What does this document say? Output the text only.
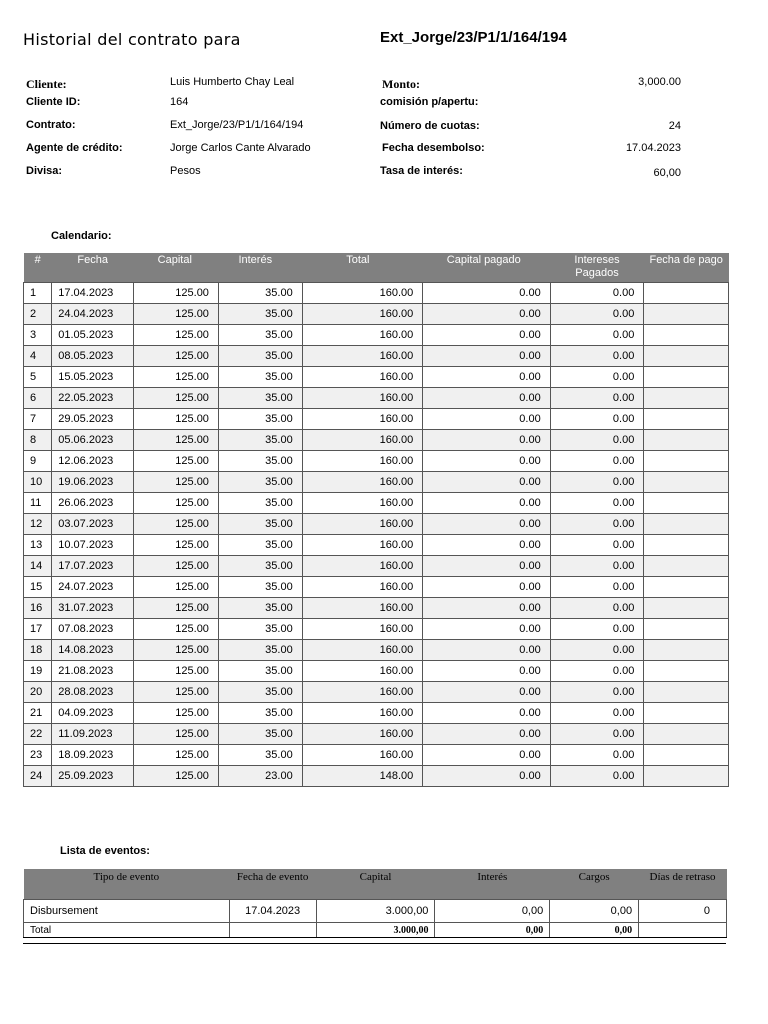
Historial del contrato para	Ext_Jorge/23/P1/1/164/194
Cliente:	Luis Humberto Chay Leal
Cliente ID:	164
Contrato:	Ext_Jorge/23/P1/1/164/194
Agente de crédito:	Jorge Carlos Cante Alvarado
Divisa:	Pesos
Monto:	3,000.00
comisión p/apertu:
Número de cuotas:	24
Fecha desembolso:	17.04.2023
Tasa de interés:	60,00
Calendario:
#	Fecha	Capital	Interés	Total	Capital pagado	Intereses Pagados	Fecha de pago
1	17.04.2023	125.00	35.00	160.00	0.00	0.00	
2	24.04.2023	125.00	35.00	160.00	0.00	0.00	
3	01.05.2023	125.00	35.00	160.00	0.00	0.00	
4	08.05.2023	125.00	35.00	160.00	0.00	0.00	
5	15.05.2023	125.00	35.00	160.00	0.00	0.00	
6	22.05.2023	125.00	35.00	160.00	0.00	0.00	
7	29.05.2023	125.00	35.00	160.00	0.00	0.00	
8	05.06.2023	125.00	35.00	160.00	0.00	0.00	
9	12.06.2023	125.00	35.00	160.00	0.00	0.00	
10	19.06.2023	125.00	35.00	160.00	0.00	0.00	
11	26.06.2023	125.00	35.00	160.00	0.00	0.00	
12	03.07.2023	125.00	35.00	160.00	0.00	0.00	
13	10.07.2023	125.00	35.00	160.00	0.00	0.00	
14	17.07.2023	125.00	35.00	160.00	0.00	0.00	
15	24.07.2023	125.00	35.00	160.00	0.00	0.00	
16	31.07.2023	125.00	35.00	160.00	0.00	0.00	
17	07.08.2023	125.00	35.00	160.00	0.00	0.00	
18	14.08.2023	125.00	35.00	160.00	0.00	0.00	
19	21.08.2023	125.00	35.00	160.00	0.00	0.00	
20	28.08.2023	125.00	35.00	160.00	0.00	0.00	
21	04.09.2023	125.00	35.00	160.00	0.00	0.00	
22	11.09.2023	125.00	35.00	160.00	0.00	0.00	
23	18.09.2023	125.00	35.00	160.00	0.00	0.00	
24	25.09.2023	125.00	23.00	148.00	0.00	0.00	
Lista de eventos:
Tipo de evento	Fecha de evento	Capital	Interés	Cargos	Días de retraso
Disbursement	17.04.2023	3.000,00	0,00	0,00	0
Total		3.000,00	0,00	0,00	
